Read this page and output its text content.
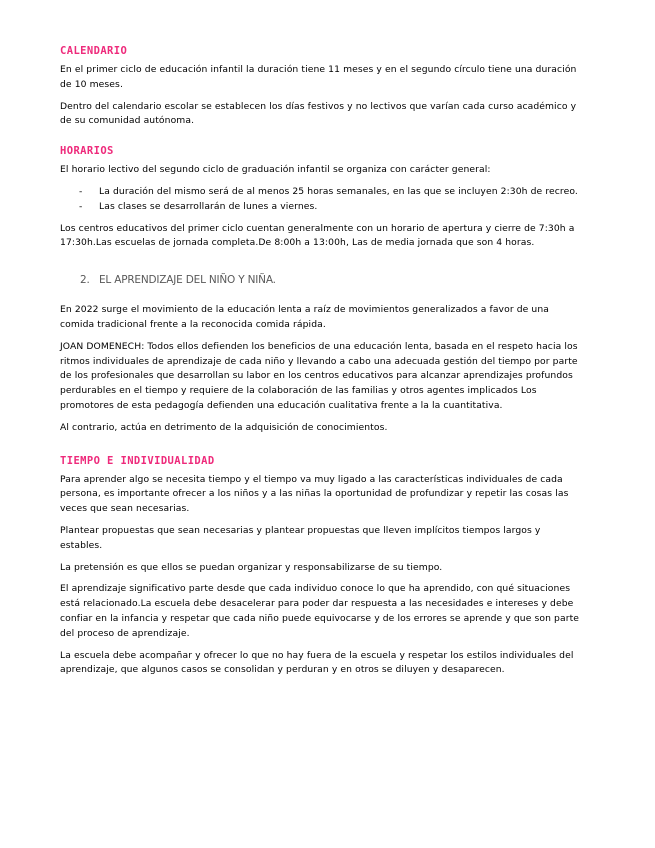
CALENDARIO

En el primer ciclo de educación infantil la duración tiene 11 meses y en el segundo círculo tiene una duración de 10 meses.

Dentro del calendario escolar se establecen los días festivos y no lectivos que varían cada curso académico y de su comunidad autónoma.

HORARIOS

El horario lectivo del segundo ciclo de graduación infantil se organiza con carácter general:

- La duración del mismo será de al menos 25 horas semanales, en las que se incluyen 2:30h de recreo.
- Las clases se desarrollarán de lunes a viernes.

Los centros educativos del primer ciclo cuentan generalmente con un horario de apertura y cierre de 7:30h a 17:30h.Las escuelas de jornada completa.De 8:00h a 13:00h, Las de media jornada que son 4 horas.

2. EL APRENDIZAJE DEL NIÑO Y NIÑA.

En 2022 surge el movimiento de la educación lenta a raíz de movimientos generalizados a favor de una comida tradicional frente a la reconocida comida rápida.

JOAN DOMENECH: Todos ellos defienden los beneficios de una educación lenta, basada en el respeto hacia los ritmos individuales de aprendizaje de cada niño y llevando a cabo una adecuada gestión del tiempo por parte de los profesionales que desarrollan su labor en los centros educativos para alcanzar aprendizajes profundos perdurables en el tiempo y requiere de la colaboración de las familias y otros agentes implicados Los promotores de esta pedagogía defienden una educación cualitativa frente a la la cuantitativa.

Al contrario, actúa en detrimento de la adquisición de conocimientos.

TIEMPO E INDIVIDUALIDAD

Para aprender algo se necesita tiempo y el tiempo va muy ligado a las características individuales de cada persona, es importante ofrecer a los niños y a las niñas la oportunidad de profundizar y repetir las cosas las veces que sean necesarias.

Plantear propuestas que sean necesarias y plantear propuestas que lleven implícitos tiempos largos y estables.

La pretensión es que ellos se puedan organizar y responsabilizarse de su tiempo.

El aprendizaje significativo parte desde que cada individuo conoce lo que ha aprendido, con qué situaciones está relacionado.La escuela debe desacelerar para poder dar respuesta a las necesidades e intereses y debe confiar en la infancia y respetar que cada niño puede equivocarse y de los errores se aprende y que son parte del proceso de aprendizaje.

La escuela debe acompañar y ofrecer lo que no hay fuera de la escuela y respetar los estilos individuales del aprendizaje, que algunos casos se consolidan y perduran y en otros se diluyen y desaparecen.
